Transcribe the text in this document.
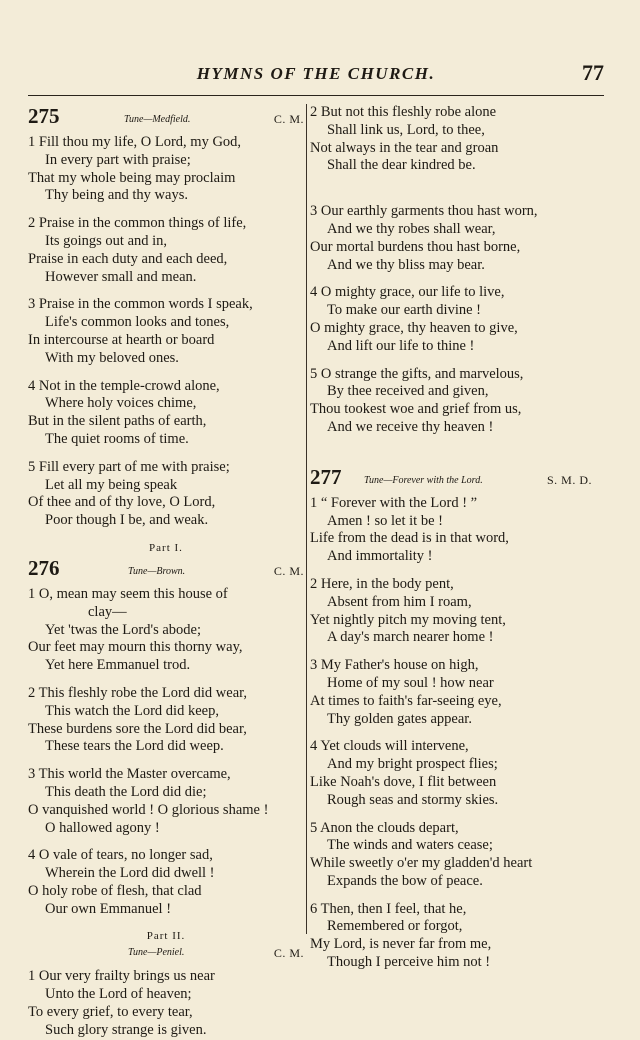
HYMNS OF THE CHURCH.	77
275	Tune—Medfield.	C. M.
1 Fill thou my life, O Lord, my God,
In every part with praise;
That my whole being may proclaim
Thy being and thy ways.
2 Praise in the common things of life,
Its goings out and in,
Praise in each duty and each deed,
However small and mean.
3 Praise in the common words I speak,
Life's common looks and tones,
In intercourse at hearth or board
With my beloved ones.
4 Not in the temple-crowd alone,
Where holy voices chime,
But in the silent paths of earth,
The quiet rooms of time.
5 Fill every part of me with praise;
Let all my being speak
Of thee and of thy love, O Lord,
Poor though I be, and weak.
Part I.
276	Tune—Brown.	C. M.
1 O, mean may seem this house of
clay—
Yet 'twas the Lord's abode;
Our feet may mourn this thorny way,
Yet here Emmanuel trod.
2 This fleshly robe the Lord did wear,
This watch the Lord did keep,
These burdens sore the Lord did bear,
These tears the Lord did weep.
3 This world the Master overcame,
This death the Lord did die;
O vanquished world ! O glorious shame !
O hallowed agony !
4 O vale of tears, no longer sad,
Wherein the Lord did dwell !
O holy robe of flesh, that clad
Our own Emmanuel !
Part II.
Tune—Peniel.	C. M.
1 Our very frailty brings us near
Unto the Lord of heaven;
To every grief, to every tear,
Such glory strange is given.
2 But not this fleshly robe alone
Shall link us, Lord, to thee,
Not always in the tear and groan
Shall the dear kindred be.
3 Our earthly garments thou hast worn,
And we thy robes shall wear,
Our mortal burdens thou hast borne,
And we thy bliss may bear.
4 O mighty grace, our life to live,
To make our earth divine !
O mighty grace, thy heaven to give,
And lift our life to thine !
5 O strange the gifts, and marvelous,
By thee received and given,
Thou tookest woe and grief from us,
And we receive thy heaven !
277 Tune—Forever with the Lord.	S. M. D.
1 “ Forever with the Lord ! ”
Amen ! so let it be !
Life from the dead is in that word,
And immortality !
2 Here, in the body pent,
Absent from him I roam,
Yet nightly pitch my moving tent,
A day's march nearer home !
3 My Father's house on high,
Home of my soul ! how near
At times to faith's far-seeing eye,
Thy golden gates appear.
4 Yet clouds will intervene,
And my bright prospect flies;
Like Noah's dove, I flit between
Rough seas and stormy skies.
5 Anon the clouds depart,
The winds and waters cease;
While sweetly o'er my gladden'd heart
Expands the bow of peace.
6 Then, then I feel, that he,
Remembered or forgot,
My Lord, is never far from me,
Though I perceive him not !
